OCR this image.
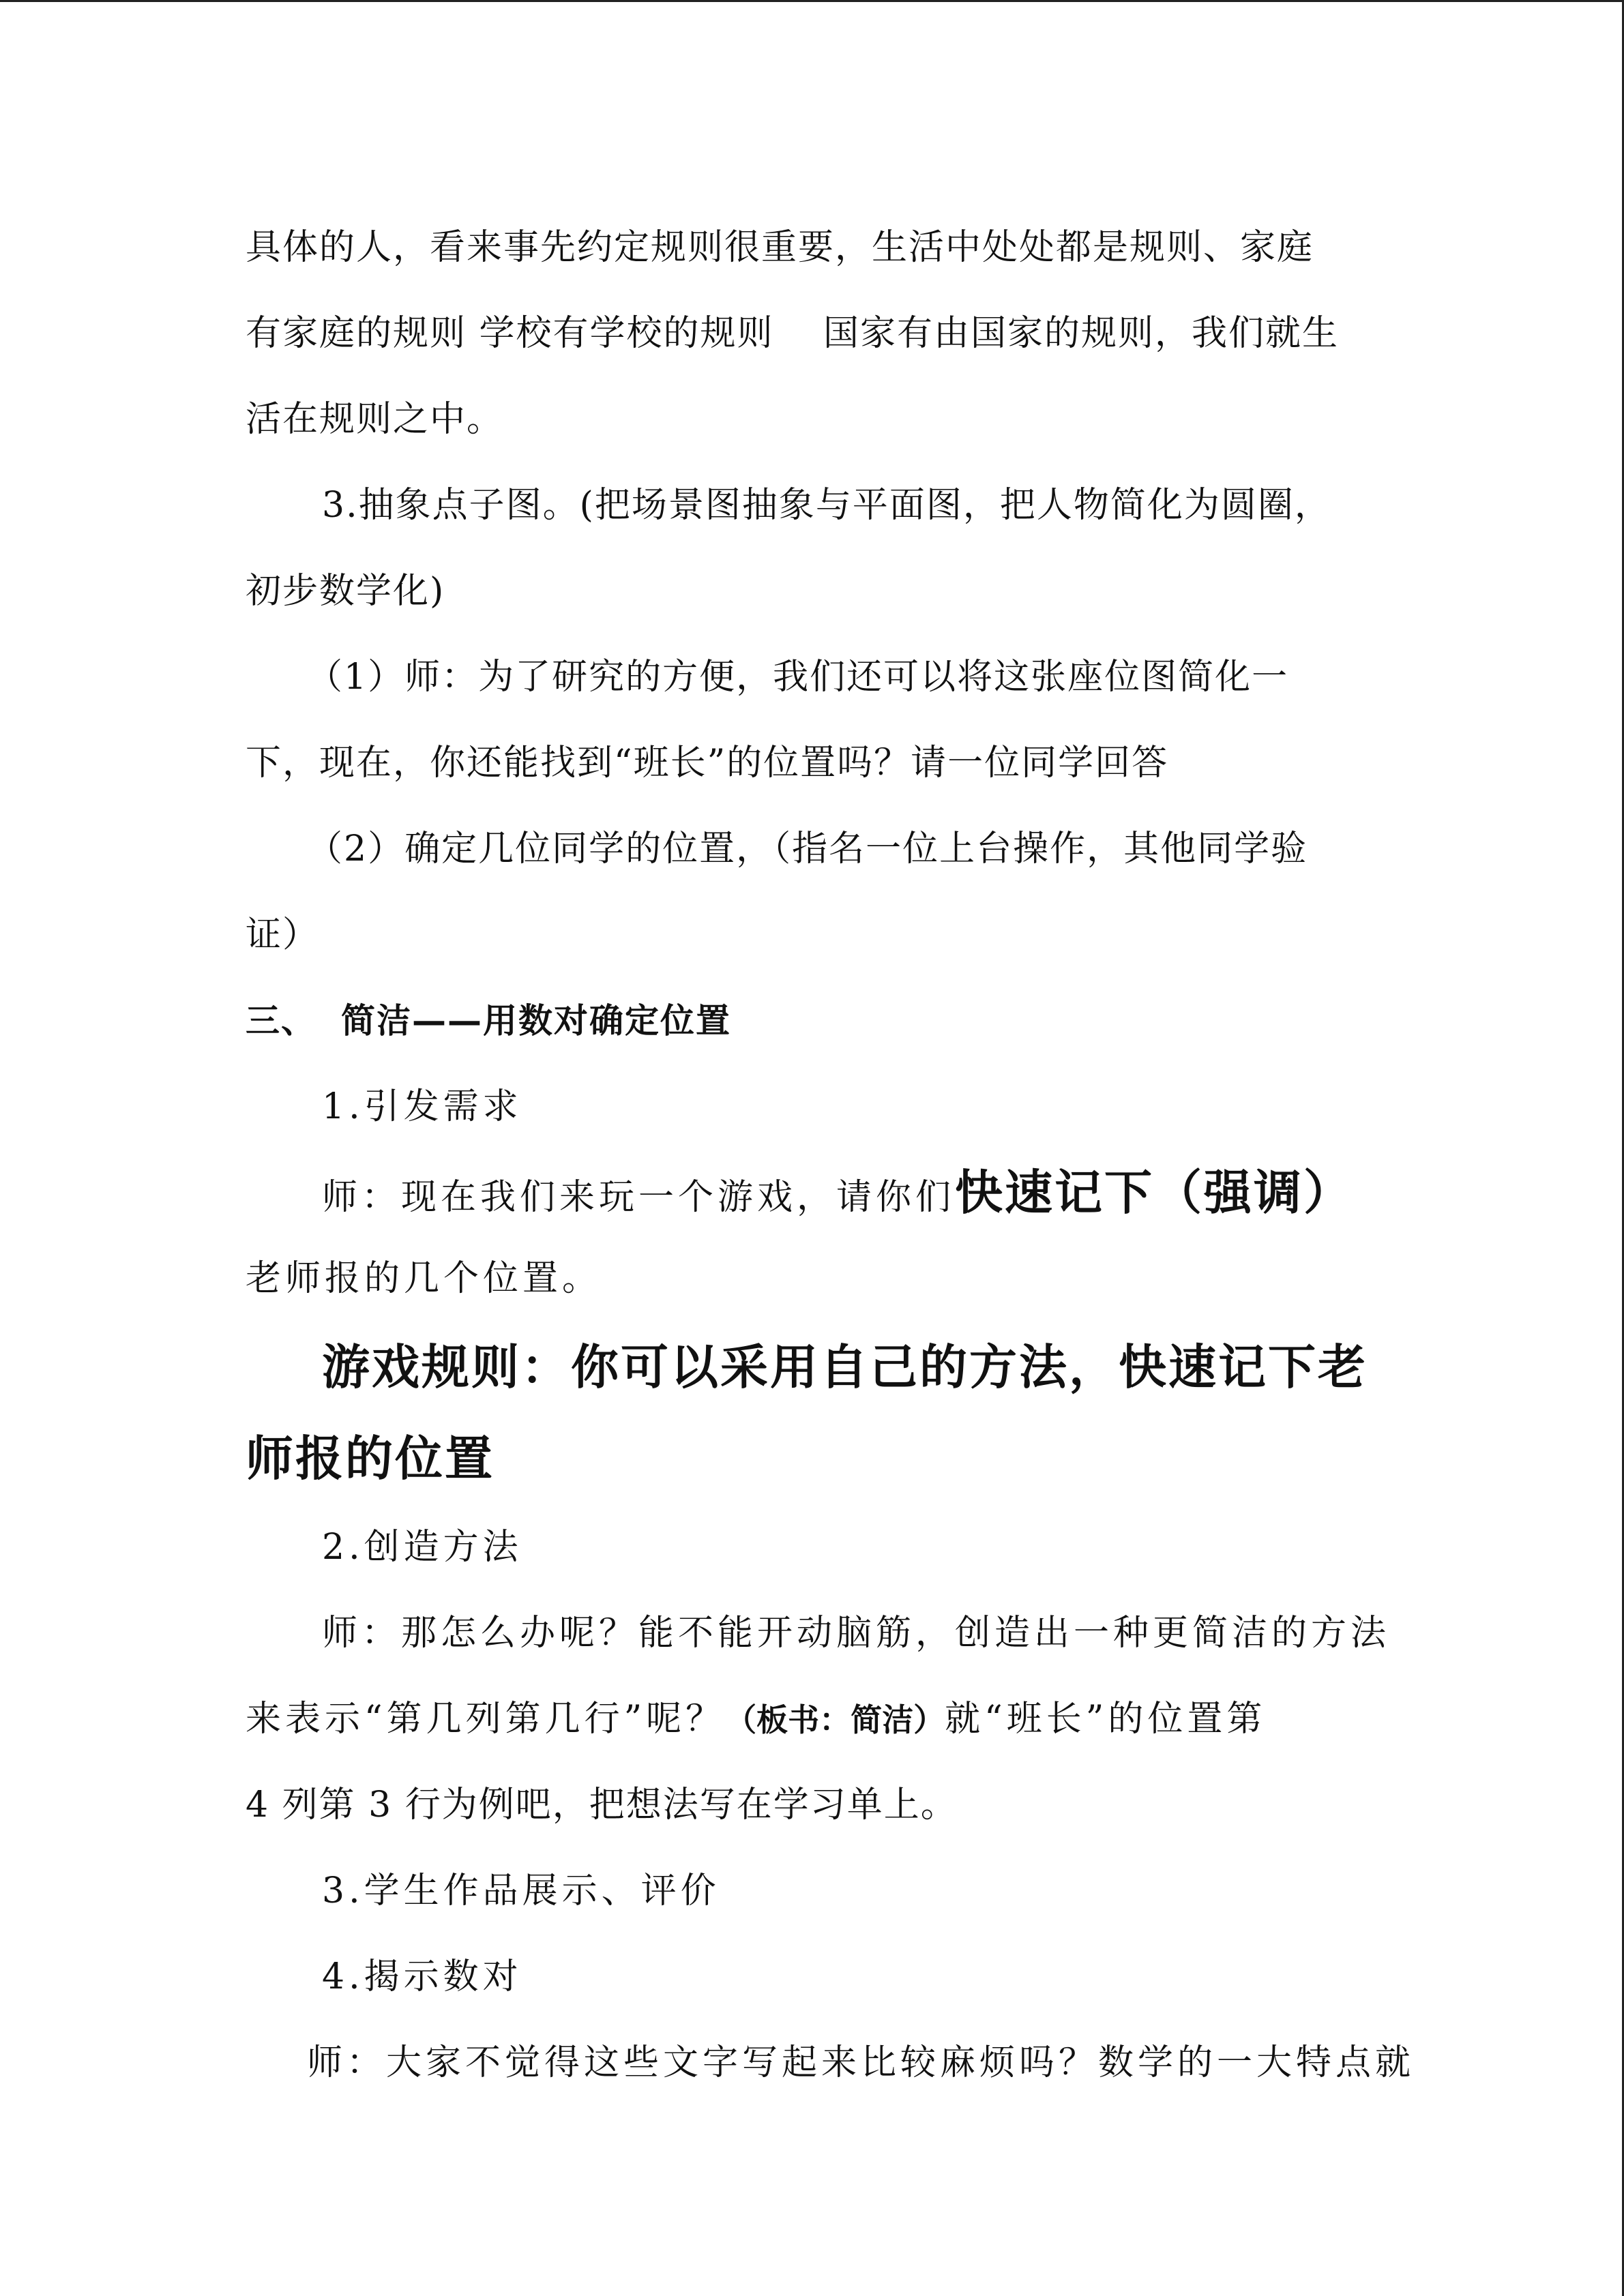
具体的人，看来事先约定规则很重要，生活中处处都是规则、家庭
有家庭的规则 学校有学校的规则　 国家有由国家的规则，我们就生
活在规则之中。
3.抽象点子图。(把场景图抽象与平面图，把人物简化为圆圈，
初步数学化)
（1）师：为了研究的方便，我们还可以将这张座位图简化一
下，现在，你还能找到“班长”的位置吗？请一位同学回答
（2）确定几位同学的位置，（指名一位上台操作，其他同学验
证）
三、 简洁——用数对确定位置
1.引发需求
师：现在我们来玩一个游戏，请你们快速记下（强调）
老师报的几个位置。
游戏规则：你可以采用自己的方法，快速记下老
师报的位置
2.创造方法
师：那怎么办呢？能不能开动脑筋，创造出一种更简洁的方法
来表示“第几列第几行”呢？（板书：简洁）就“班长”的位置第
4 列第 3 行为例吧，把想法写在学习单上。
3.学生作品展示、评价
4.揭示数对
师：大家不觉得这些文字写起来比较麻烦吗？数学的一大特点就
